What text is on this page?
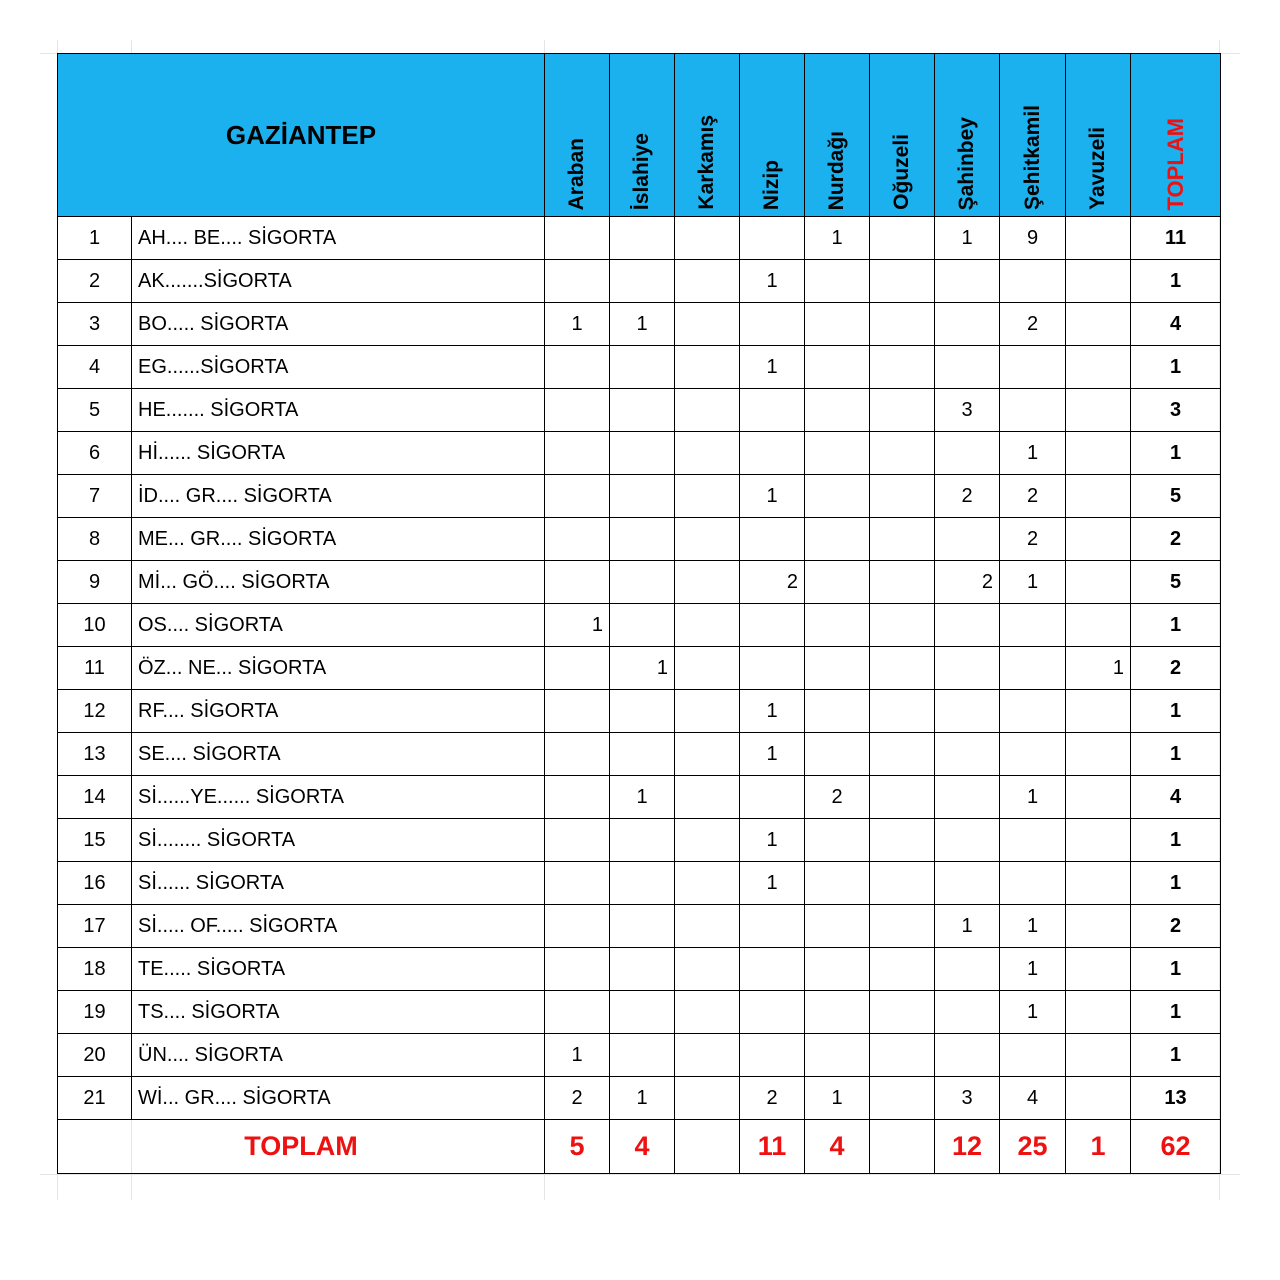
GAZİANTEP		Araban	İslahiye	Karkamış	Nizip	Nurdağı	Oğuzeli	Şahinbey	Şehitkamil	Yavuzeli	TOPLAM

1	AH.... BE.... SİGORTA					1		1	9		11
2	AK.......SİGORTA				1						1
3	BO..... SİGORTA	1	1						2		4
4	EG......SİGORTA				1						1
5	HE....... SİGORTA							3			3
6	Hİ...... SİGORTA								1		1
7	İD.... GR.... SİGORTA				1			2	2		5
8	ME... GR.... SİGORTA								2		2
9	Mİ... GÖ.... SİGORTA				2			2	1		5
10	OS.... SİGORTA	1									1
11	ÖZ... NE... SİGORTA		1							1	2
12	RF.... SİGORTA				1						1
13	SE.... SİGORTA				1						1
14	Sİ......YE...... SİGORTA		1			2			1		4
15	Sİ........ SİGORTA				1						1
16	Sİ...... SİGORTA				1						1
17	Sİ..... OF..... SİGORTA							1	1		2
18	TE..... SİGORTA								1		1
19	TS.... SİGORTA								1		1
20	ÜN.... SİGORTA	1									1
21	Wİ... GR.... SİGORTA	2	1		2	1		3	4		13
TOPLAM		5	4		11	4		12	25	1	62
